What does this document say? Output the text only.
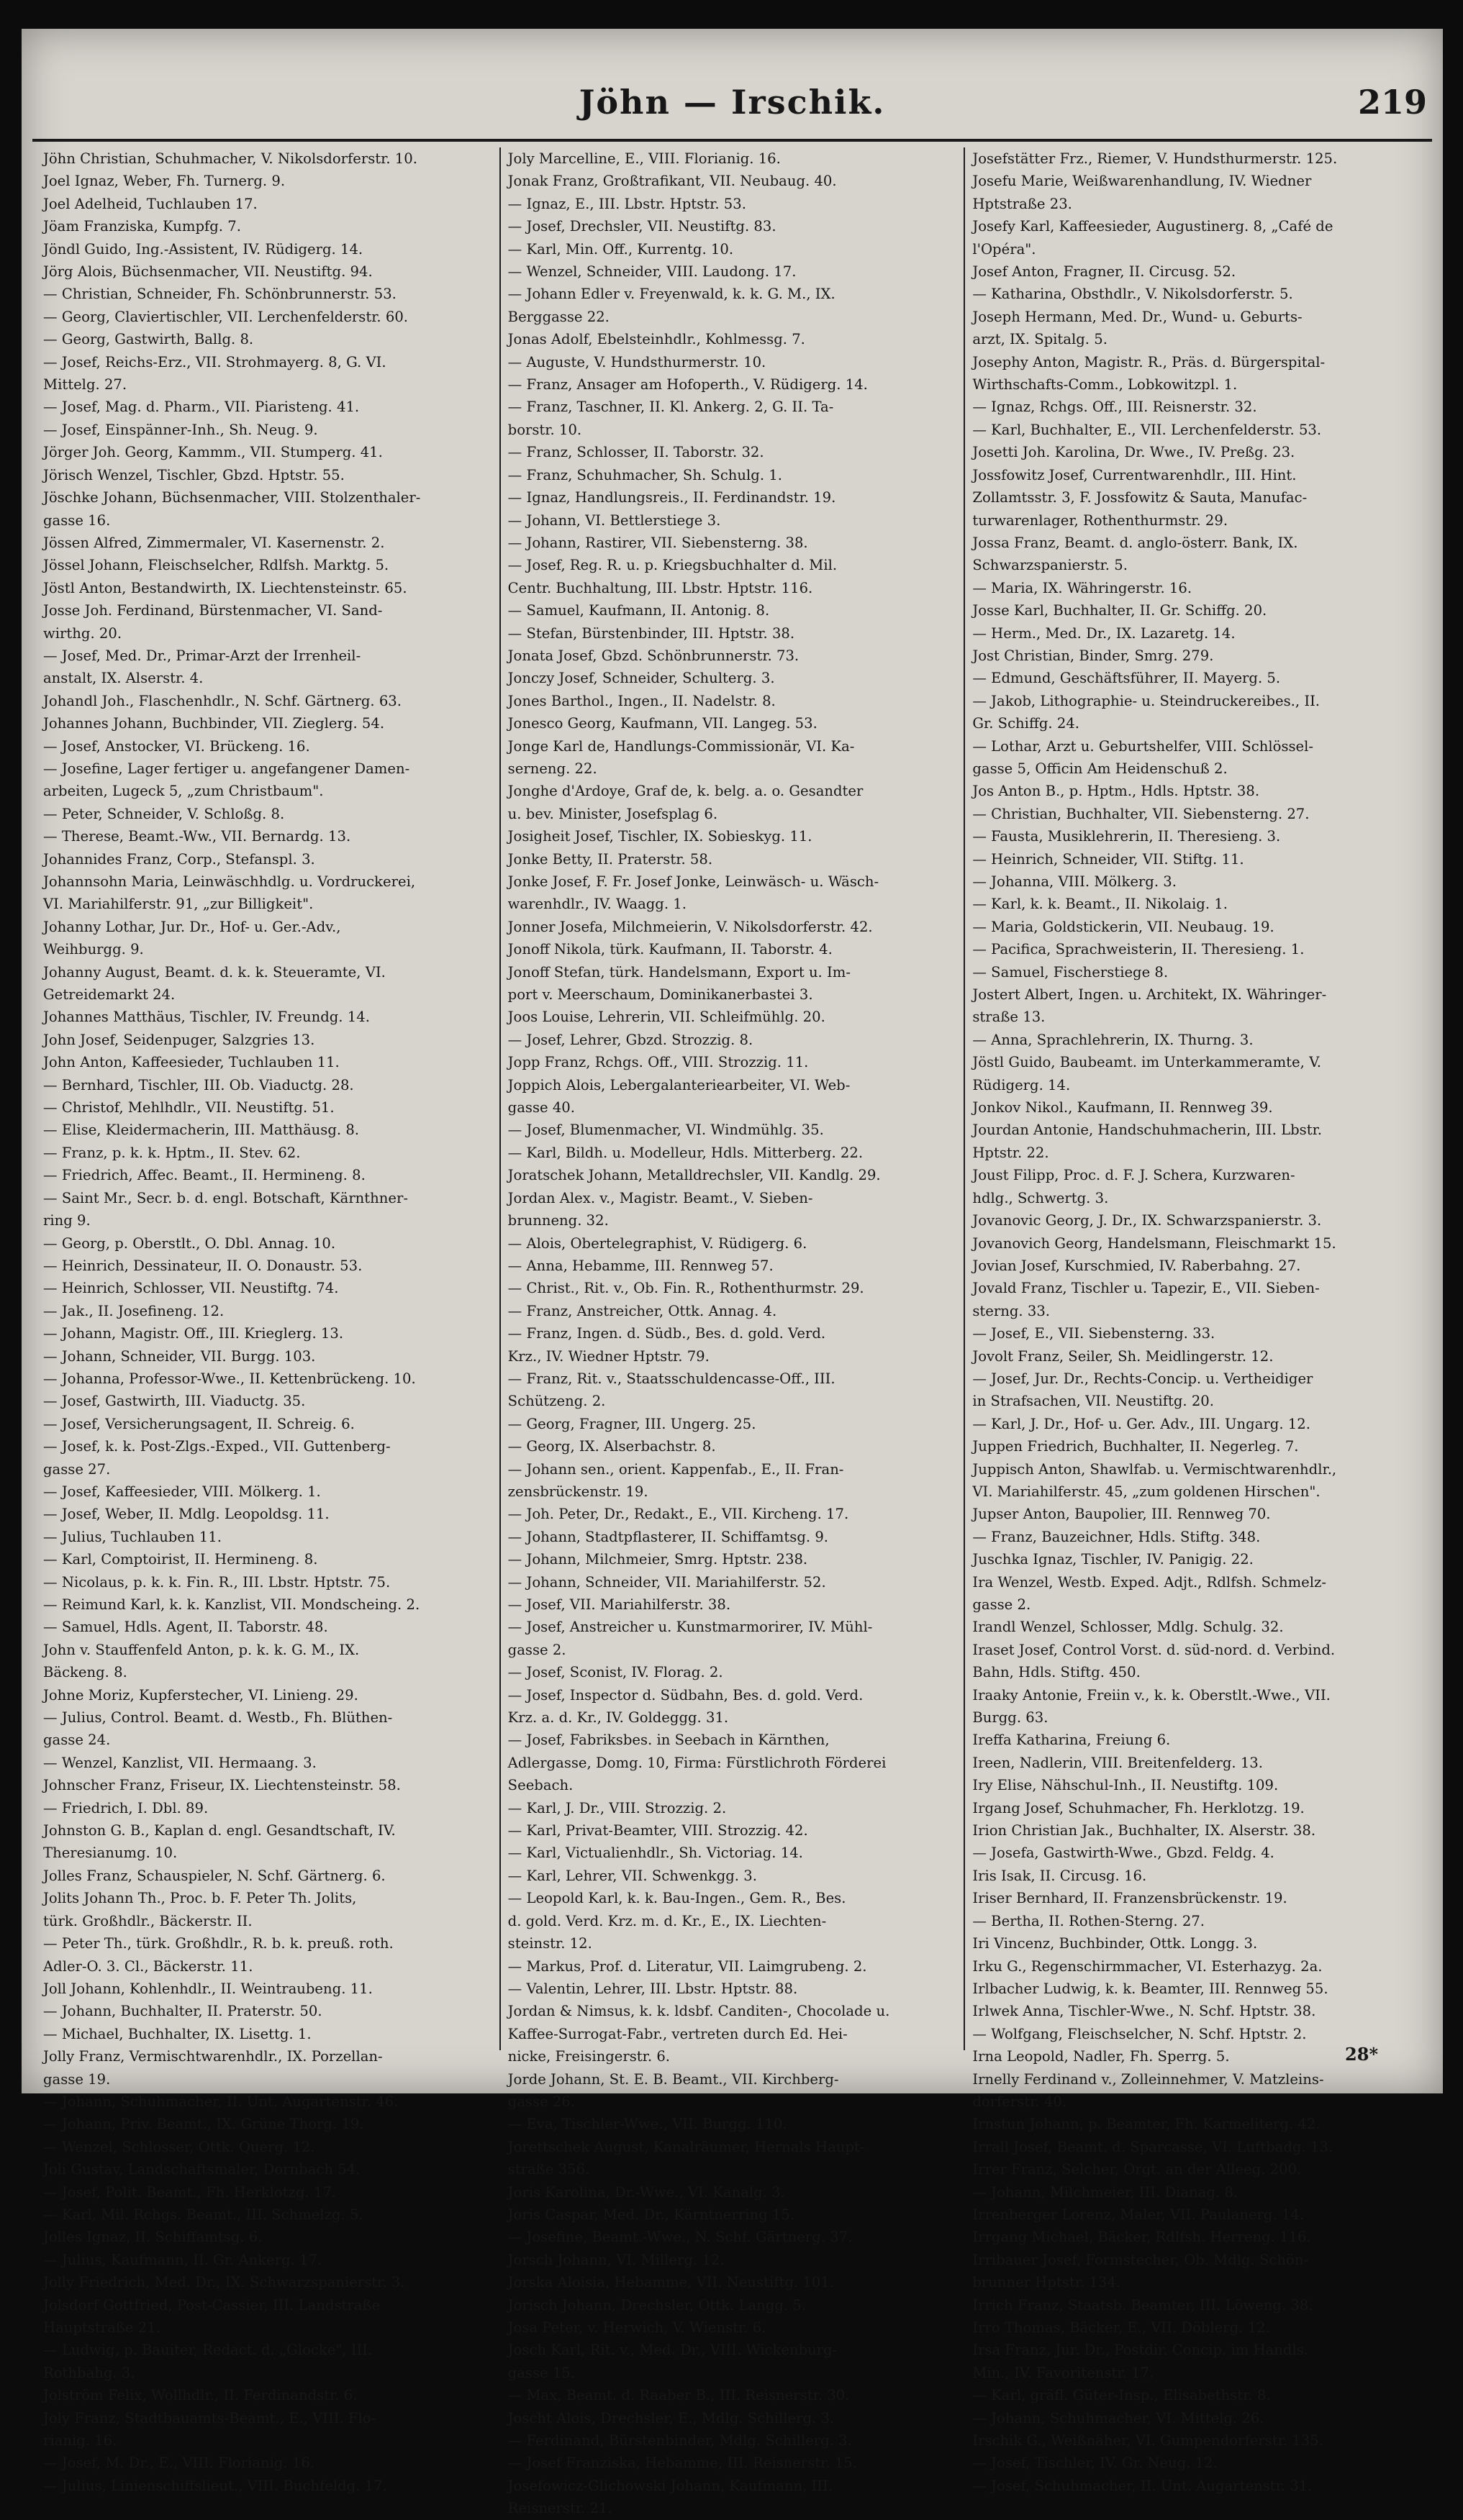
Jöhn — Irschik.	219

Jöhn Christian, Schuhmacher, V. Nikolsdorferstr. 10.

Joel Ignaz, Weber, Fh. Turnerg. 9.

Joel Adelheid, Tuchlauben 17.

Jöam Franziska, Kumpfg. 7.

Jöndl Guido, Ing.-Assistent, IV. Rüdigerg. 14.

Jörg Alois, Büchsenmacher, VII. Neustiftg. 94.

— Christian, Schneider, Fh. Schönbrunnerstr. 53.

— Georg, Claviertischler, VII. Lerchenfelderstr. 60.

— Georg, Gastwirth, Ballg. 8.

— Josef, Reichs-Erz., VII. Strohmayerg. 8, G. VI.

Mittelg. 27.

— Josef, Mag. d. Pharm., VII. Piaristeng. 41.

— Josef, Einspänner-Inh., Sh. Neug. 9.

Jörger Joh. Georg, Kammm., VII. Stumperg. 41.

Jörisch Wenzel, Tischler, Gbzd. Hptstr. 55.

Jöschke Johann, Büchsenmacher, VIII. Stolzenthaler-

gasse 16.

Jössen Alfred, Zimmermaler, VI. Kasernenstr. 2.

Jössel Johann, Fleischselcher, Rdlfsh. Marktg. 5.

Jöstl Anton, Bestandwirth, IX. Liechtensteinstr. 65.

Josse Joh. Ferdinand, Bürstenmacher, VI. Sand-

wirthg. 20.

— Josef, Med. Dr., Primar-Arzt der Irrenheil-

anstalt, IX. Alserstr. 4.

Johandl Joh., Flaschenhdlr., N. Schf. Gärtnerg. 63.

Johannes Johann, Buchbinder, VII. Zieglerg. 54.

— Josef, Anstocker, VI. Brückeng. 16.

— Josefine, Lager fertiger u. angefangener Damen-

arbeiten, Lugeck 5, „zum Christbaum".

— Peter, Schneider, V. Schloßg. 8.

— Therese, Beamt.-Ww., VII. Bernardg. 13.

Johannides Franz, Corp., Stefanspl. 3.

Johannsohn Maria, Leinwäschhdlg. u. Vordruckerei,

VI. Mariahilferstr. 91, „zur Billigkeit".

Johanny Lothar, Jur. Dr., Hof- u. Ger.-Adv.,

Weihburgg. 9.

Johanny August, Beamt. d. k. k. Steueramte, VI.

Getreidemarkt 24.

Johannes Matthäus, Tischler, IV. Freundg. 14.

John Josef, Seidenpuger, Salzgries 13.

John Anton, Kaffeesieder, Tuchlauben 11.

— Bernhard, Tischler, III. Ob. Viaductg. 28.

— Christof, Mehlhdlr., VII. Neustiftg. 51.

— Elise, Kleidermacherin, III. Matthäusg. 8.

— Franz, p. k. k. Hptm., II. Stev. 62.

— Friedrich, Affec. Beamt., II. Hermineng. 8.

— Saint Mr., Secr. b. d. engl. Botschaft, Kärnthner-

ring 9.

— Georg, p. Oberstlt., O. Dbl. Annag. 10.

— Heinrich, Dessinateur, II. O. Donaustr. 53.

— Heinrich, Schlosser, VII. Neustiftg. 74.

— Jak., II. Josefineng. 12.

— Johann, Magistr. Off., III. Krieglerg. 13.

— Johann, Schneider, VII. Burgg. 103.

— Johanna, Professor-Wwe., II. Kettenbrückeng. 10.

— Josef, Gastwirth, III. Viaductg. 35.

— Josef, Versicherungsagent, II. Schreig. 6.

— Josef, k. k. Post-Zlgs.-Exped., VII. Guttenberg-

gasse 27.

— Josef, Kaffeesieder, VIII. Mölkerg. 1.

— Josef, Weber, II. Mdlg. Leopoldsg. 11.

— Julius, Tuchlauben 11.

— Karl, Comptoirist, II. Hermineng. 8.

— Nicolaus, p. k. k. Fin. R., III. Lbstr. Hptstr. 75.

— Reimund Karl, k. k. Kanzlist, VII. Mondscheing. 2.

— Samuel, Hdls. Agent, II. Taborstr. 48.

John v. Stauffenfeld Anton, p. k. k. G. M., IX.

Bäckeng. 8.

Johne Moriz, Kupferstecher, VI. Linieng. 29.

— Julius, Control. Beamt. d. Westb., Fh. Blüthen-

gasse 24.

— Wenzel, Kanzlist, VII. Hermaang. 3.

Johnscher Franz, Friseur, IX. Liechtensteinstr. 58.

— Friedrich, I. Dbl. 89.

Johnston G. B., Kaplan d. engl. Gesandtschaft, IV.

Theresianumg. 10.

Jolles Franz, Schauspieler, N. Schf. Gärtnerg. 6.

Jolits Johann Th., Proc. b. F. Peter Th. Jolits,

türk. Großhdlr., Bäckerstr. II.

— Peter Th., türk. Großhdlr., R. b. k. preuß. roth.

Adler-O. 3. Cl., Bäckerstr. 11.

Joll Johann, Kohlenhdlr., II. Weintraubeng. 11.

— Johann, Buchhalter, II. Praterstr. 50.

— Michael, Buchhalter, IX. Lisettg. 1.

Jolly Franz, Vermischtwarenhdlr., IX. Porzellan-

gasse 19.

— Johann, Schuhmacher, II. Unt. Augartenstr. 46.

— Johann, Priv. Beamt., IX. Grüne Thorg. 19.

— Wenzel, Schlosser, Ottk. Querg. 12.

Joli Gustav, Landschaftsmaler, Dornbach 54.

— Josef, Polit. Beamt., Fh. Herklotzg. 17.

— Karl, Mil. Rchgs. Beamt., III. Schmelzg. 5.

Jolles Ignaz, II. Schiffamtsg. 6.

— Julius, Kaufmann, II. Gr. Ankerg. 17.

Jolly Friedrich, Med. Dr., IX. Schwarzspanierstr. 3.

Jolsdorf Gottfried, Post-Cassier, III. Landstraße

Hauptstraße 21.

— Ludwig, p. Bauiter, Redact. d. „Glocke", III.

Rothbahg. 3.

Jolström Felix, Wollhdlr., II. Ferdinandstr. 6.

Joly Franz, Stadtbauamts-Beamt., E., VIII. Flo-

rianig. 16.

— Josef, M. Dr., E., VIII. Florianig. 16.

— Julius, Linienschiffslieut., VIII. Buchfeldg. 17.

Joly Marcelline, E., VIII. Florianig. 16.

Jonak Franz, Großtrafikant, VII. Neubaug. 40.

— Ignaz, E., III. Lbstr. Hptstr. 53.

— Josef, Drechsler, VII. Neustiftg. 83.

— Karl, Min. Off., Kurrentg. 10.

— Wenzel, Schneider, VIII. Laudong. 17.

— Johann Edler v. Freyenwald, k. k. G. M., IX.

Berggasse 22.

Jonas Adolf, Ebelsteinhdlr., Kohlmessg. 7.

— Auguste, V. Hundsthurmerstr. 10.

— Franz, Ansager am Hofoperth., V. Rüdigerg. 14.

— Franz, Taschner, II. Kl. Ankerg. 2, G. II. Ta-

borstr. 10.

— Franz, Schlosser, II. Taborstr. 32.

— Franz, Schuhmacher, Sh. Schulg. 1.

— Ignaz, Handlungsreis., II. Ferdinandstr. 19.

— Johann, VI. Bettlerstiege 3.

— Johann, Rastirer, VII. Siebensterng. 38.

— Josef, Reg. R. u. p. Kriegsbuchhalter d. Mil.

Centr. Buchhaltung, III. Lbstr. Hptstr. 116.

— Samuel, Kaufmann, II. Antonig. 8.

— Stefan, Bürstenbinder, III. Hptstr. 38.

Jonata Josef, Gbzd. Schönbrunnerstr. 73.

Jonczy Josef, Schneider, Schulterg. 3.

Jones Barthol., Ingen., II. Nadelstr. 8.

Jonesco Georg, Kaufmann, VII. Langeg. 53.

Jonge Karl de, Handlungs-Commissionär, VI. Ka-

serneng. 22.

Jonghe d'Ardoye, Graf de, k. belg. a. o. Gesandter

u. bev. Minister, Josefsplag 6.

Josigheit Josef, Tischler, IX. Sobieskyg. 11.

Jonke Betty, II. Praterstr. 58.

Jonke Josef, F. Fr. Josef Jonke, Leinwäsch- u. Wäsch-

warenhdlr., IV. Waagg. 1.

Jonner Josefa, Milchmeierin, V. Nikolsdorferstr. 42.

Jonoff Nikola, türk. Kaufmann, II. Taborstr. 4.

Jonoff Stefan, türk. Handelsmann, Export u. Im-

port v. Meerschaum, Dominikanerbastei 3.

Joos Louise, Lehrerin, VII. Schleifmühlg. 20.

— Josef, Lehrer, Gbzd. Strozzig. 8.

Jopp Franz, Rchgs. Off., VIII. Strozzig. 11.

Joppich Alois, Lebergalanteriearbeiter, VI. Web-

gasse 40.

— Josef, Blumenmacher, VI. Windmühlg. 35.

— Karl, Bildh. u. Modelleur, Hdls. Mitterberg. 22.

Joratschek Johann, Metalldrechsler, VII. Kandlg. 29.

Jordan Alex. v., Magistr. Beamt., V. Sieben-

brunneng. 32.

— Alois, Obertelegraphist, V. Rüdigerg. 6.

— Anna, Hebamme, III. Rennweg 57.

— Christ., Rit. v., Ob. Fin. R., Rothenthurmstr. 29.

— Franz, Anstreicher, Ottk. Annag. 4.

— Franz, Ingen. d. Südb., Bes. d. gold. Verd.

Krz., IV. Wiedner Hptstr. 79.

— Franz, Rit. v., Staatsschuldencasse-Off., III.

Schützeng. 2.

— Georg, Fragner, III. Ungerg. 25.

— Georg, IX. Alserbachstr. 8.

— Johann sen., orient. Kappenfab., E., II. Fran-

zensbrückenstr. 19.

— Joh. Peter, Dr., Redakt., E., VII. Kircheng. 17.

— Johann, Stadtpflasterer, II. Schiffamtsg. 9.

— Johann, Milchmeier, Smrg. Hptstr. 238.

— Johann, Schneider, VII. Mariahilferstr. 52.

— Josef, VII. Mariahilferstr. 38.

— Josef, Anstreicher u. Kunstmarmorirer, IV. Mühl-

gasse 2.

— Josef, Sconist, IV. Florag. 2.

— Josef, Inspector d. Südbahn, Bes. d. gold. Verd.

Krz. a. d. Kr., IV. Goldeggg. 31.

— Josef, Fabriksbes. in Seebach in Kärnthen,

Adlergasse, Domg. 10, Firma: Fürstlichroth Förderei

Seebach.

— Karl, J. Dr., VIII. Strozzig. 2.

— Karl, Privat-Beamter, VIII. Strozzig. 42.

— Karl, Victualienhdlr., Sh. Victoriag. 14.

— Karl, Lehrer, VII. Schwenkgg. 3.

— Leopold Karl, k. k. Bau-Ingen., Gem. R., Bes.

d. gold. Verd. Krz. m. d. Kr., E., IX. Liechten-

steinstr. 12.

— Markus, Prof. d. Literatur, VII. Laimgrubeng. 2.

— Valentin, Lehrer, III. Lbstr. Hptstr. 88.

Jordan & Nimsus, k. k. ldsbf. Canditen-, Chocolade u.

Kaffee-Surrogat-Fabr., vertreten durch Ed. Hei-

nicke, Freisingerstr. 6.

Jorde Johann, St. E. B. Beamt., VII. Kirchberg-

gasse 26.

— Eva, Tischler-Wwe., VII. Burgg. 110.

Jorettschek August, Kanalräumer, Hernals Haupt-

straße 356.

Joris Karolina, Dr.-Wwe., VI. Kanalg. 3.

Joris Caspar, Med. Dr., Kärntnerring 15.

— Josefine, Beamt.-Wwe., N. Schf. Gärtnerg. 37.

Jorsch Johann, VI. Millerg. 12.

Jorska Aloisia, Hebamme, VII. Neustiftg. 101.

Jorisch Johann, Drechsler, Ottk. Langg. 5.

Josa Peter, v. Herwich, V. Wienstr. 6.

Josch Karl, Rit. v., Med. Dr., VIII. Wickenburg-

gasse 15.

— Max, Beamt. d. Raaber B., III. Reisnerstr. 30.

Joscht Alois, Drechsler, E., Mdlg. Schillerg. 3.

— Ferdinand, Bürstenbinder, Mdlg. Schillerg. 3.

— Josef Franziska, Hebamme, III. Reisnerstr. 15.

Josefowicz-Glichowski Johann, Kaufmann, III.

Reisnerstr. 21.

Josefstätter Frz., Riemer, V. Hundsthurmerstr. 125.

Josefu Marie, Weißwarenhandlung, IV. Wiedner

Hptstraße 23.

Josefy Karl, Kaffeesieder, Augustinerg. 8, „Café de

l'Opéra".

Josef Anton, Fragner, II. Circusg. 52.

— Katharina, Obsthdlr., V. Nikolsdorferstr. 5.

Joseph Hermann, Med. Dr., Wund- u. Geburts-

arzt, IX. Spitalg. 5.

Josephy Anton, Magistr. R., Präs. d. Bürgerspital-

Wirthschafts-Comm., Lobkowitzpl. 1.

— Ignaz, Rchgs. Off., III. Reisnerstr. 32.

— Karl, Buchhalter, E., VII. Lerchenfelderstr. 53.

Josetti Joh. Karolina, Dr. Wwe., IV. Preßg. 23.

Jossfowitz Josef, Currentwarenhdlr., III. Hint.

Zollamtsstr. 3, F. Jossfowitz & Sauta, Manufac-

turwarenlager, Rothenthurmstr. 29.

Jossa Franz, Beamt. d. anglo-österr. Bank, IX.

Schwarzspanierstr. 5.

— Maria, IX. Währingerstr. 16.

Josse Karl, Buchhalter, II. Gr. Schiffg. 20.

— Herm., Med. Dr., IX. Lazaretg. 14.

Jost Christian, Binder, Smrg. 279.

— Edmund, Geschäftsführer, II. Mayerg. 5.

— Jakob, Lithographie- u. Steindruckereibes., II.

Gr. Schiffg. 24.

— Lothar, Arzt u. Geburtshelfer, VIII. Schlössel-

gasse 5, Officin Am Heidenschuß 2.

Jos Anton B., p. Hptm., Hdls. Hptstr. 38.

— Christian, Buchhalter, VII. Siebensterng. 27.

— Fausta, Musiklehrerin, II. Theresieng. 3.

— Heinrich, Schneider, VII. Stiftg. 11.

— Johanna, VIII. Mölkerg. 3.

— Karl, k. k. Beamt., II. Nikolaig. 1.

— Maria, Goldstickerin, VII. Neubaug. 19.

— Pacifica, Sprachweisterin, II. Theresieng. 1.

— Samuel, Fischerstiege 8.

Jostert Albert, Ingen. u. Architekt, IX. Währinger-

straße 13.

— Anna, Sprachlehrerin, IX. Thurng. 3.

Jöstl Guido, Baubeamt. im Unterkammeramte, V.

Rüdigerg. 14.

Jonkov Nikol., Kaufmann, II. Rennweg 39.

Jourdan Antonie, Handschuhmacherin, III. Lbstr.

Hptstr. 22.

Joust Filipp, Proc. d. F. J. Schera, Kurzwaren-

hdlg., Schwertg. 3.

Jovanovic Georg, J. Dr., IX. Schwarzspanierstr. 3.

Jovanovich Georg, Handelsmann, Fleischmarkt 15.

Jovian Josef, Kurschmied, IV. Raberbahng. 27.

Jovald Franz, Tischler u. Tapezir, E., VII. Sieben-

sterng. 33.

— Josef, E., VII. Siebensterng. 33.

Jovolt Franz, Seiler, Sh. Meidlingerstr. 12.

— Josef, Jur. Dr., Rechts-Concip. u. Vertheidiger

in Strafsachen, VII. Neustiftg. 20.

— Karl, J. Dr., Hof- u. Ger. Adv., III. Ungarg. 12.

Juppen Friedrich, Buchhalter, II. Negerleg. 7.

Juppisch Anton, Shawlfab. u. Vermischtwarenhdlr.,

VI. Mariahilferstr. 45, „zum goldenen Hirschen".

Jupser Anton, Baupolier, III. Rennweg 70.

— Franz, Bauzeichner, Hdls. Stiftg. 348.

Juschka Ignaz, Tischler, IV. Panigig. 22.

Ira Wenzel, Westb. Exped. Adjt., Rdlfsh. Schmelz-

gasse 2.

Irandl Wenzel, Schlosser, Mdlg. Schulg. 32.

Iraset Josef, Control Vorst. d. süd-nord. d. Verbind.

Bahn, Hdls. Stiftg. 450.

Iraaky Antonie, Freiin v., k. k. Oberstlt.-Wwe., VII.

Burgg. 63.

Ireffa Katharina, Freiung 6.

Ireen, Nadlerin, VIII. Breitenfelderg. 13.

Iry Elise, Nähschul-Inh., II. Neustiftg. 109.

Irgang Josef, Schuhmacher, Fh. Herklotzg. 19.

Irion Christian Jak., Buchhalter, IX. Alserstr. 38.

— Josefa, Gastwirth-Wwe., Gbzd. Feldg. 4.

Iris Isak, II. Circusg. 16.

Iriser Bernhard, II. Franzensbrückenstr. 19.

— Bertha, II. Rothen-Sterng. 27.

Iri Vincenz, Buchbinder, Ottk. Longg. 3.

Irku G., Regenschirmmacher, VI. Esterhazyg. 2a.

Irlbacher Ludwig, k. k. Beamter, III. Rennweg 55.

Irlwek Anna, Tischler-Wwe., N. Schf. Hptstr. 38.

— Wolfgang, Fleischselcher, N. Schf. Hptstr. 2.

Irna Leopold, Nadler, Fh. Sperrg. 5.

Irnelly Ferdinand v., Zolleinnehmer, V. Matzleins-

dorferstr. 40.

Irnstun Johann, p. Beamter, Fh. Karmeliterg. 42.

Irrall Josef, Beamt. d. Sparcasse, VI. Luftbadg. 13.

Irrer Franz, Selcher, Orgt. an der Alleeg. 200.

— Johann, Milchmeier, III. Dianag. 8.

Irrenberger Lorenz, Maler, VII. Paulanerg. 14.

Irrgang Michael, Bäcker, Rdlfsh. Herreng. 116.

Irribauer Josef, Formstecher, Ob. Mdlg. Schön-

brunner Hptstr. 134.

Irrich Franz, Staatsb. Beamter, III. Löweng. 38.

Irro Thomas, Bäcker, E., VII. Döblerg. 12.

Irsa Franz, Jur. Dr., Postdir. Concip. im Handls.

Min., IV. Favoritenstr. 17.

— Karl, gräfl. Güter-Insp., Elisabethstr. 8.

— Johann, Schuhmacher, VI. Mittelg. 26.

Irschik G., Weißnäher, VI. Gumpendorferstr. 135.

— Josef, Tischler, IV. Gr. Neug. 12.

— Josef, Schuhmacher, II. Unt. Augartenstr. 31.

28*
